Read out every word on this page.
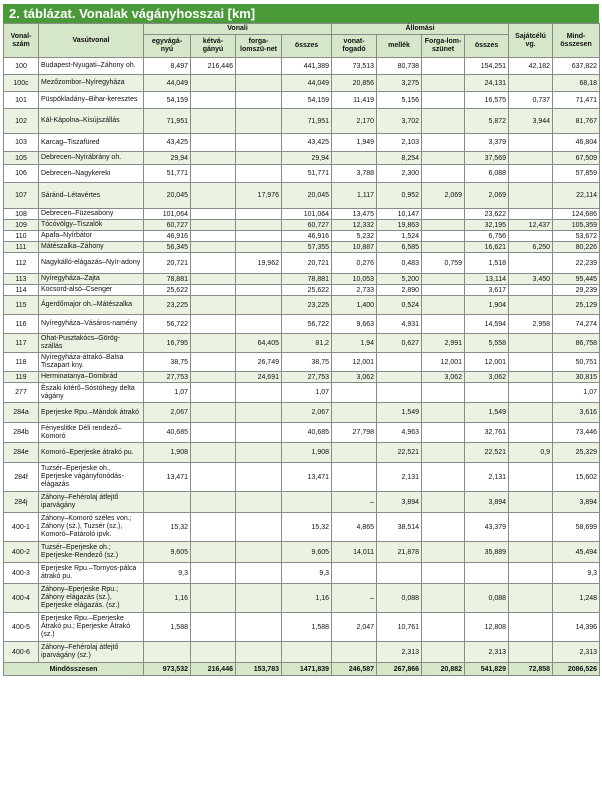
2. táblázat. Vonalak vágányhosszai [km]
Vonal-szám	Vasútvonal	Vonali				Állomási				Sajátcélú vg.	Mind-összesen
		egyvágá-nyú	kétvá-gányú	forga-lomszü-net	összes	vonat-fogadó	mellék	Forga-lom-szünet	összes		
100	Budapest-Nyugati–Záhony oh.	8,497	216,446		441,389	73,513	80,738		154,251	42,182	637,822
100c	Mezőzombor–Nyíregyháza	44,049			44,049	20,856	3,275		24,131		68,18
101	Püspökladány–Bihar-keresztes	54,159			54,159	11,419	5,156		16,575	0,737	71,471
102	Kál-Kápolna–Kisújszállás	71,951			71,951	2,170	3,702		5,872	3,944	81,767
103	Karcag–Tiszafüred	43,425			43,425	1,949	2,103		3,379		46,804
105	Debrecen–Nyírábrány oh.	29,94			29,94		8,254		37,569		67,509
106	Debrecen–Nagykereki	51,771			51,771	3,788	2,300		6,088		57,859
107	Sáránd–Létavértes	20,045		17,976	20,045	1,117	0,952	2,069	2,069		22,114
108	Debrecen–Füzesabony	101,064			101,064	13,475	10,147		23,622		124,686
109	Tócóvölgy–Tiszalök	60,727			60,727	12,332	19,863		32,195	12,437	105,359
110	Apafa–Nyírbátor	46,916			46,916	5,232	1,524		6,756		53,672
111	Mátészalka–Záhony	56,345			57,355	10,887	6,585		16,621	6,250	80,226
112	Nagykálló-elágazás–Nyír-adony	20,721		19,962	20,721	0,276	0,483	0,759	1,518		22,239
113	Nyíregyháza–Zajta	78,881			78,881	10,053	5,200		13,114	3,450	95,445
114	Kocsord-alsó–Csenger	25,622			25,622	2,733	2,890		3,617		29,239
115	Ágerdőmajor oh.–Mátészalka	23,225			23,225	1,400	0,524		1,904		25,129
116	Nyíregyháza–Vásáros-namény	56,722			56,722	9,663	4,931		14,594	2,958	74,274
117	Ohat-Pusztakócs–Görög-szállás	16,795		64,405	81,2	1,94	0,627	2,991	5,558		86,758
118	Nyíregyháza-átrakó–Balsa Tiszapart kny.	38,75		26,749	38,75	12,001		12,001	12,001		50,751
119	Herminatanya–Dombrád	27,753		24,691	27,753	3,062		3,062	3,062		30,815
277	Északi kitérő–Sóstóhegy delta vágány	1,07			1,07						1,07
284a	Eperjeske Rpu.–Mándok átrakó	2,067			2,067		1,549		1,549		3,616
284b	Fényeslitke Déli rendező–Komoró	40,685			40,685	27,798	4,963		32,761		73,446
284e	Komoró–Eperjeske átrakó pu.	1,908			1,908		22,521		22,521	0,9	25,329
284f	Tuzsér–Eperjeske oh., Eperjeske vágányfonódás-elágazás	13,471			13,471		2,131		2,131		15,602
284j	Záhony–Fehérolaj átfejtő iparvágány					–	3,894		3,894		3,894
400-1	Záhony–Komoró széles von.; Záhony (sz.), Tuzsér (sz.), Komoró–Fatároló ipvk.	15,32			15,32	4,865	38,514		43,379		58,699
400-2	Tuzsér–Eperjeske oh.; Eperjeske-Rendező (sz.)	9,605			9,605	14,011	21,878		35,889		45,494
400-3	Eperjeske Rpu.–Tornyos-pálca átrakó pu.	9,3			9,3						9,3
400-4	Záhony–Eperjeske Rpu.; Záhony elágazás (sz.), Eperjeske elágazás. (sz.)	1,16			1,16	–	0,088		0,088		1,248
400-5	Eperjeske Rpu.–Eperjeske Átrakó pu.; Eperjeske Átrakó (sz.)	1,588			1,588	2,047	10,761		12,808		14,396
400-6	Záhony–Fehérolaj átfejtő iparvágány (sz.)						2,313		2,313		2,313
Mindösszesen		973,532	216,446	153,783	1471,839	246,587	267,866	20,882	541,829	72,858	2086,526
